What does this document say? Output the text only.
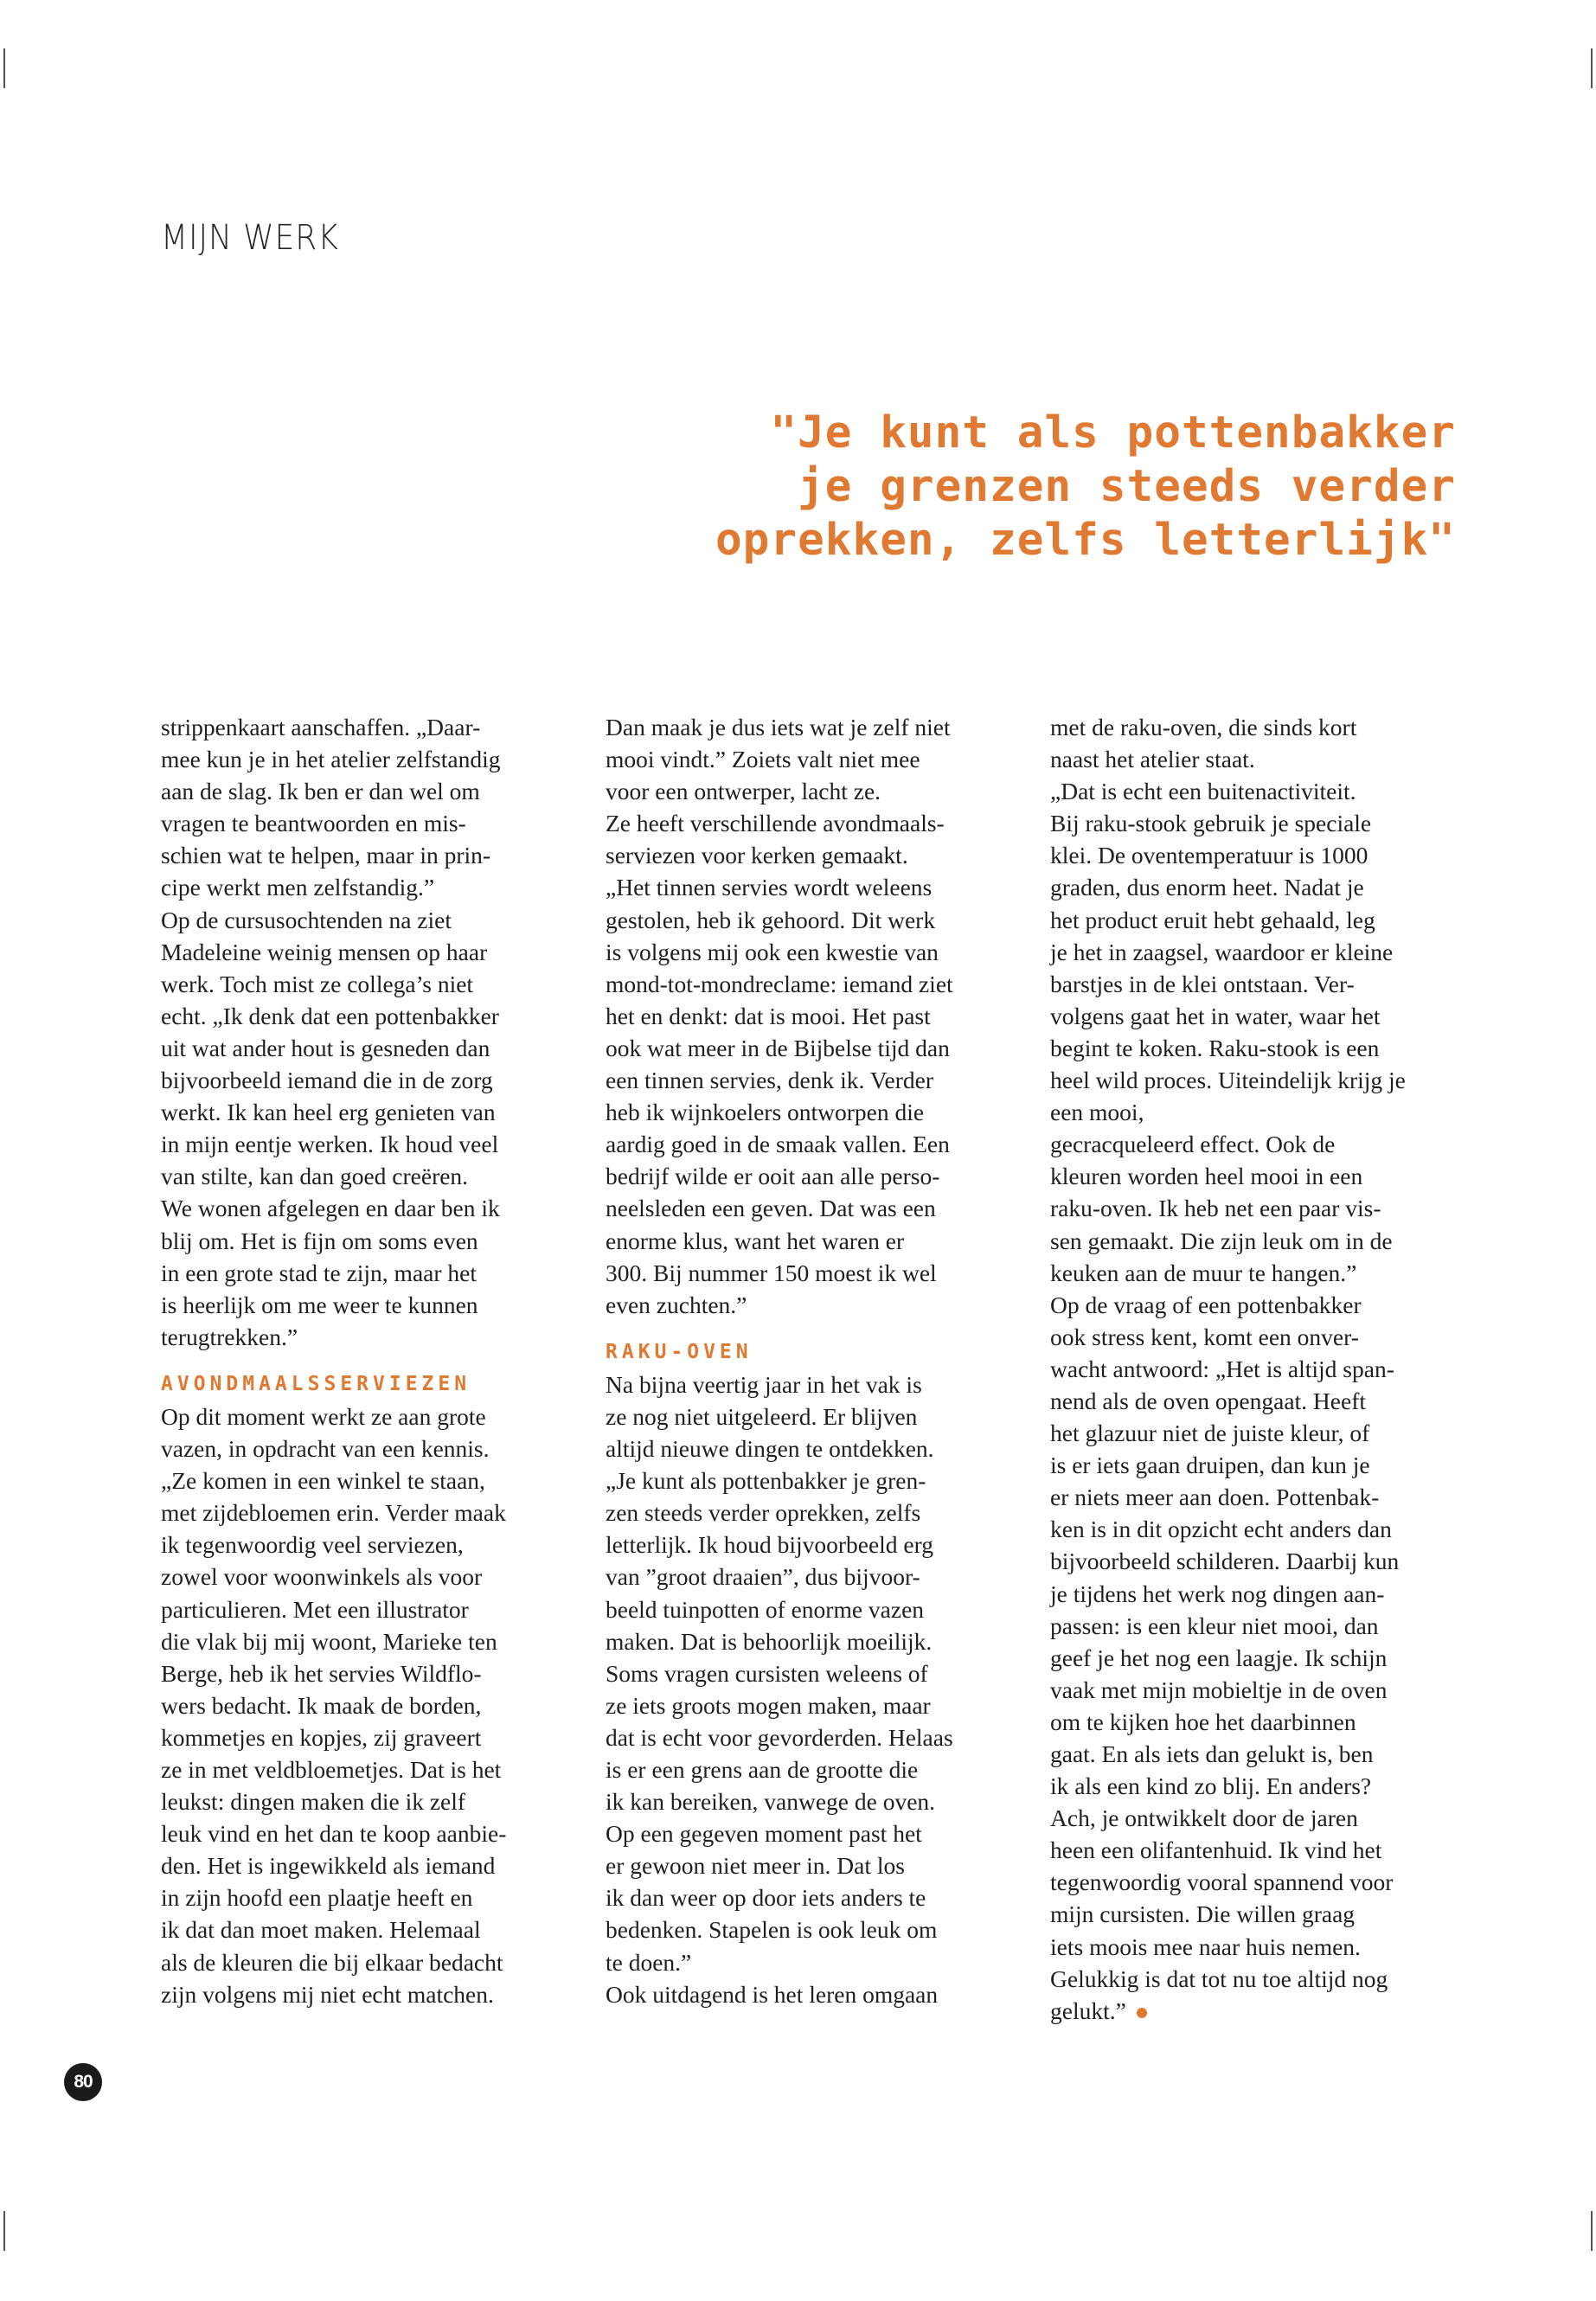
MIJN WERK
"Je kunt als pottenbakker
je grenzen steeds verder
oprekken, zelfs letterlijk"
strippenkaart aanschaffen. „Daar-
mee kun je in het atelier zelfstandig
aan de slag. Ik ben er dan wel om
vragen te beantwoorden en mis-
schien wat te helpen, maar in prin-
cipe werkt men zelfstandig.”
Op de cursusochtenden na ziet
Madeleine weinig mensen op haar
werk. Toch mist ze collega’s niet
echt. „Ik denk dat een pottenbakker
uit wat ander hout is gesneden dan
bijvoorbeeld iemand die in de zorg
werkt. Ik kan heel erg genieten van
in mijn eentje werken. Ik houd veel
van stilte, kan dan goed creëren.
We wonen afgelegen en daar ben ik
blij om. Het is fijn om soms even
in een grote stad te zijn, maar het
is heerlijk om me weer te kunnen
terugtrekken.”
AVONDMAALSSERVIEZEN
Op dit moment werkt ze aan grote
vazen, in opdracht van een kennis.
„Ze komen in een winkel te staan,
met zijdebloemen erin. Verder maak
ik tegenwoordig veel serviezen,
zowel voor woonwinkels als voor
particulieren. Met een illustrator
die vlak bij mij woont, Marieke ten
Berge, heb ik het servies Wildflo-
wers bedacht. Ik maak de borden,
kommetjes en kopjes, zij graveert
ze in met veldbloemetjes. Dat is het
leukst: dingen maken die ik zelf
leuk vind en het dan te koop aanbie-
den. Het is ingewikkeld als iemand
in zijn hoofd een plaatje heeft en
ik dat dan moet maken. Helemaal
als de kleuren die bij elkaar bedacht
zijn volgens mij niet echt matchen.
Dan maak je dus iets wat je zelf niet
mooi vindt.” Zoiets valt niet mee
voor een ontwerper, lacht ze.
Ze heeft verschillende avondmaals-
serviezen voor kerken gemaakt.
„Het tinnen servies wordt weleens
gestolen, heb ik gehoord. Dit werk
is volgens mij ook een kwestie van
mond-tot-mondreclame: iemand ziet
het en denkt: dat is mooi. Het past
ook wat meer in de Bijbelse tijd dan
een tinnen servies, denk ik. Verder
heb ik wijnkoelers ontworpen die
aardig goed in de smaak vallen. Een
bedrijf wilde er ooit aan alle perso-
neelsleden een geven. Dat was een
enorme klus, want het waren er
300. Bij nummer 150 moest ik wel
even zuchten.”
RAKU-OVEN
Na bijna veertig jaar in het vak is
ze nog niet uitgeleerd. Er blijven
altijd nieuwe dingen te ontdekken.
„Je kunt als pottenbakker je gren-
zen steeds verder oprekken, zelfs
letterlijk. Ik houd bijvoorbeeld erg
van ”groot draaien”, dus bijvoor-
beeld tuinpotten of enorme vazen
maken. Dat is behoorlijk moeilijk.
Soms vragen cursisten weleens of
ze iets groots mogen maken, maar
dat is echt voor gevorderden. Helaas
is er een grens aan de grootte die
ik kan bereiken, vanwege de oven.
Op een gegeven moment past het
er gewoon niet meer in. Dat los
ik dan weer op door iets anders te
bedenken. Stapelen is ook leuk om
te doen.”
Ook uitdagend is het leren omgaan
met de raku-oven, die sinds kort
naast het atelier staat.
„Dat is echt een buitenactiviteit.
Bij raku-stook gebruik je speciale
klei. De oventemperatuur is 1000
graden, dus enorm heet. Nadat je
het product eruit hebt gehaald, leg
je het in zaagsel, waardoor er kleine
barstjes in de klei ontstaan. Ver-
volgens gaat het in water, waar het
begint te koken. Raku-stook is een
heel wild proces. Uiteindelijk krijg je
een mooi,
gecracqueleerd effect. Ook de
kleuren worden heel mooi in een
raku-oven. Ik heb net een paar vis-
sen gemaakt. Die zijn leuk om in de
keuken aan de muur te hangen.”
Op de vraag of een pottenbakker
ook stress kent, komt een onver-
wacht antwoord: „Het is altijd span-
nend als de oven opengaat. Heeft
het glazuur niet de juiste kleur, of
is er iets gaan druipen, dan kun je
er niets meer aan doen. Pottenbak-
ken is in dit opzicht echt anders dan
bijvoorbeeld schilderen. Daarbij kun
je tijdens het werk nog dingen aan-
passen: is een kleur niet mooi, dan
geef je het nog een laagje. Ik schijn
vaak met mijn mobieltje in de oven
om te kijken hoe het daarbinnen
gaat. En als iets dan gelukt is, ben
ik als een kind zo blij. En anders?
Ach, je ontwikkelt door de jaren
heen een olifantenhuid. Ik vind het
tegenwoordig vooral spannend voor
mijn cursisten. Die willen graag
iets moois mee naar huis nemen.
Gelukkig is dat tot nu toe altijd nog
gelukt.”
80
